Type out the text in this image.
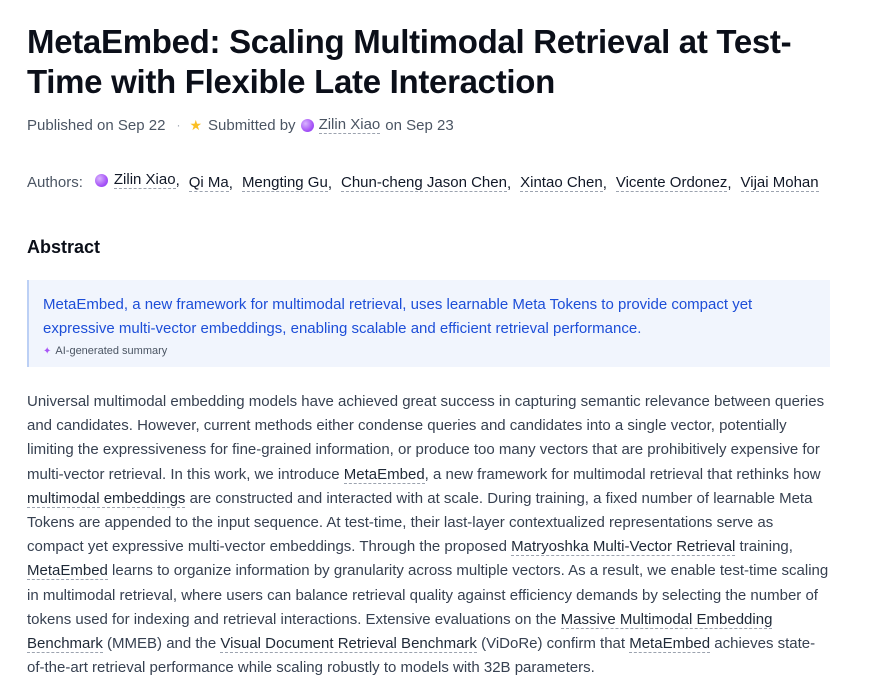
MetaEmbed: Scaling Multimodal Retrieval at Test-Time with Flexible Late Interaction
Published on Sep 22 · ★ Submitted by Zilin Xiao on Sep 23
Authors: Zilin Xiao , Qi Ma , Mengting Gu , Chun-cheng Jason Chen , Xintao Chen , Vicente Ordonez , Vijai Mohan
Abstract

MetaEmbed, a new framework for multimodal retrieval, uses learnable Meta Tokens to provide compact yet expressive multi-vector embeddings, enabling scalable and efficient retrieval performance.

✦ AI-generated summary

Universal multimodal embedding models have achieved great success in capturing semantic relevance between queries and candidates. However, current methods either condense queries and candidates into a single vector, potentially limiting the expressiveness for fine-grained information, or produce too many vectors that are prohibitively expensive for multi-vector retrieval. In this work, we introduce MetaEmbed, a new framework for multimodal retrieval that rethinks how multimodal embeddings are constructed and interacted with at scale. During training, a fixed number of learnable Meta Tokens are appended to the input sequence. At test-time, their last-layer contextualized representations serve as compact yet expressive multi-vector embeddings. Through the proposed Matryoshka Multi-Vector Retrieval training, MetaEmbed learns to organize information by granularity across multiple vectors. As a result, we enable test-time scaling in multimodal retrieval, where users can balance retrieval quality against efficiency demands by selecting the number of tokens used for indexing and retrieval interactions. Extensive evaluations on the Massive Multimodal Embedding Benchmark (MMEB) and the Visual Document Retrieval Benchmark (ViDoRe) confirm that MetaEmbed achieves state-of-the-art retrieval performance while scaling robustly to models with 32B parameters.
